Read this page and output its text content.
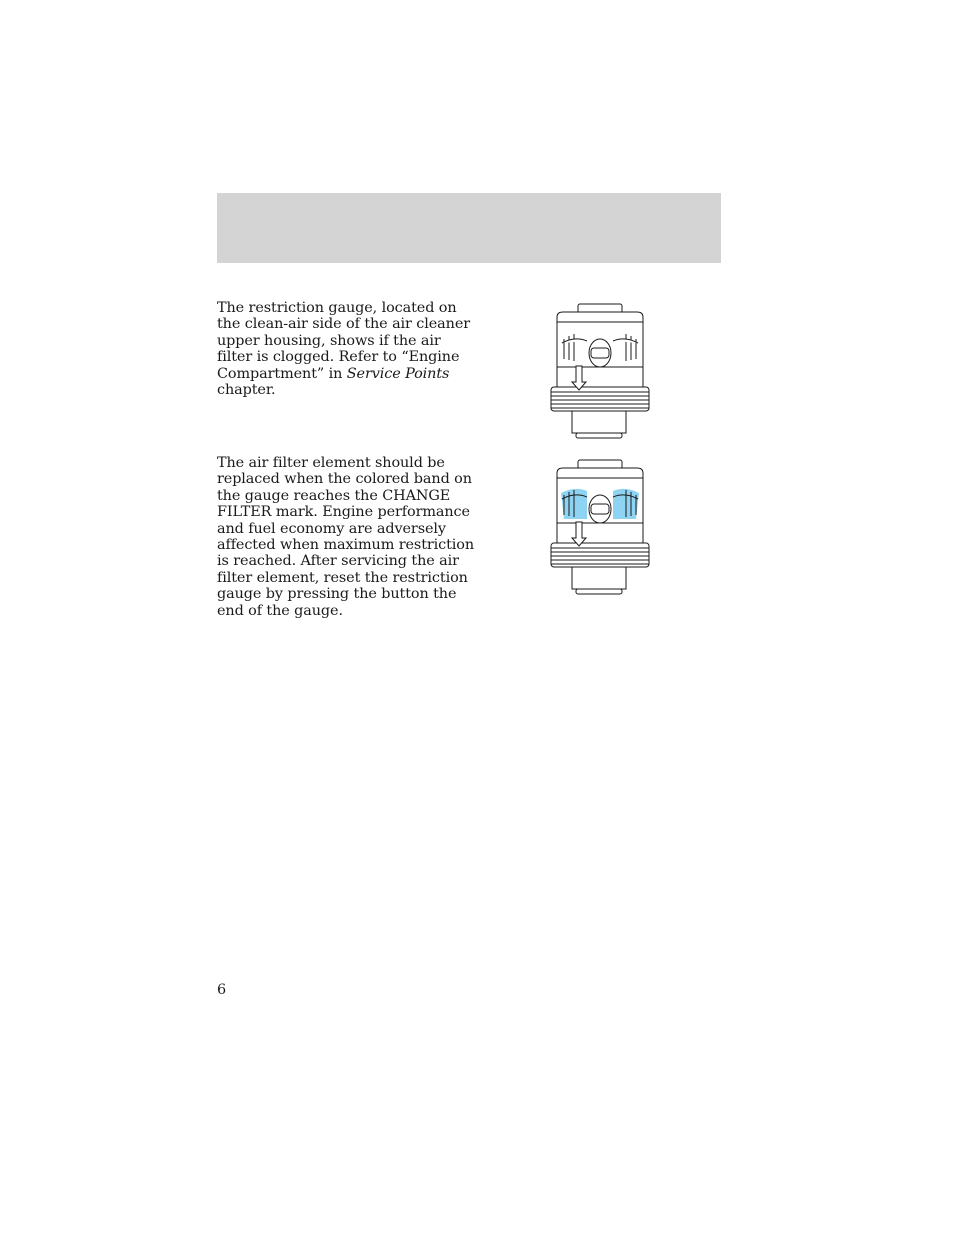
The restriction gauge, located on the clean-air side of the air cleaner upper housing, shows if the air filter is clogged. Refer to “Engine Compartment” in Service Points chapter.

The air filter element should be replaced when the colored band on the gauge reaches the CHANGE FILTER mark. Engine performance and fuel economy are adversely affected when maximum restriction is reached. After servicing the air filter element, reset the restriction gauge by pressing the button the end of the gauge.

6
